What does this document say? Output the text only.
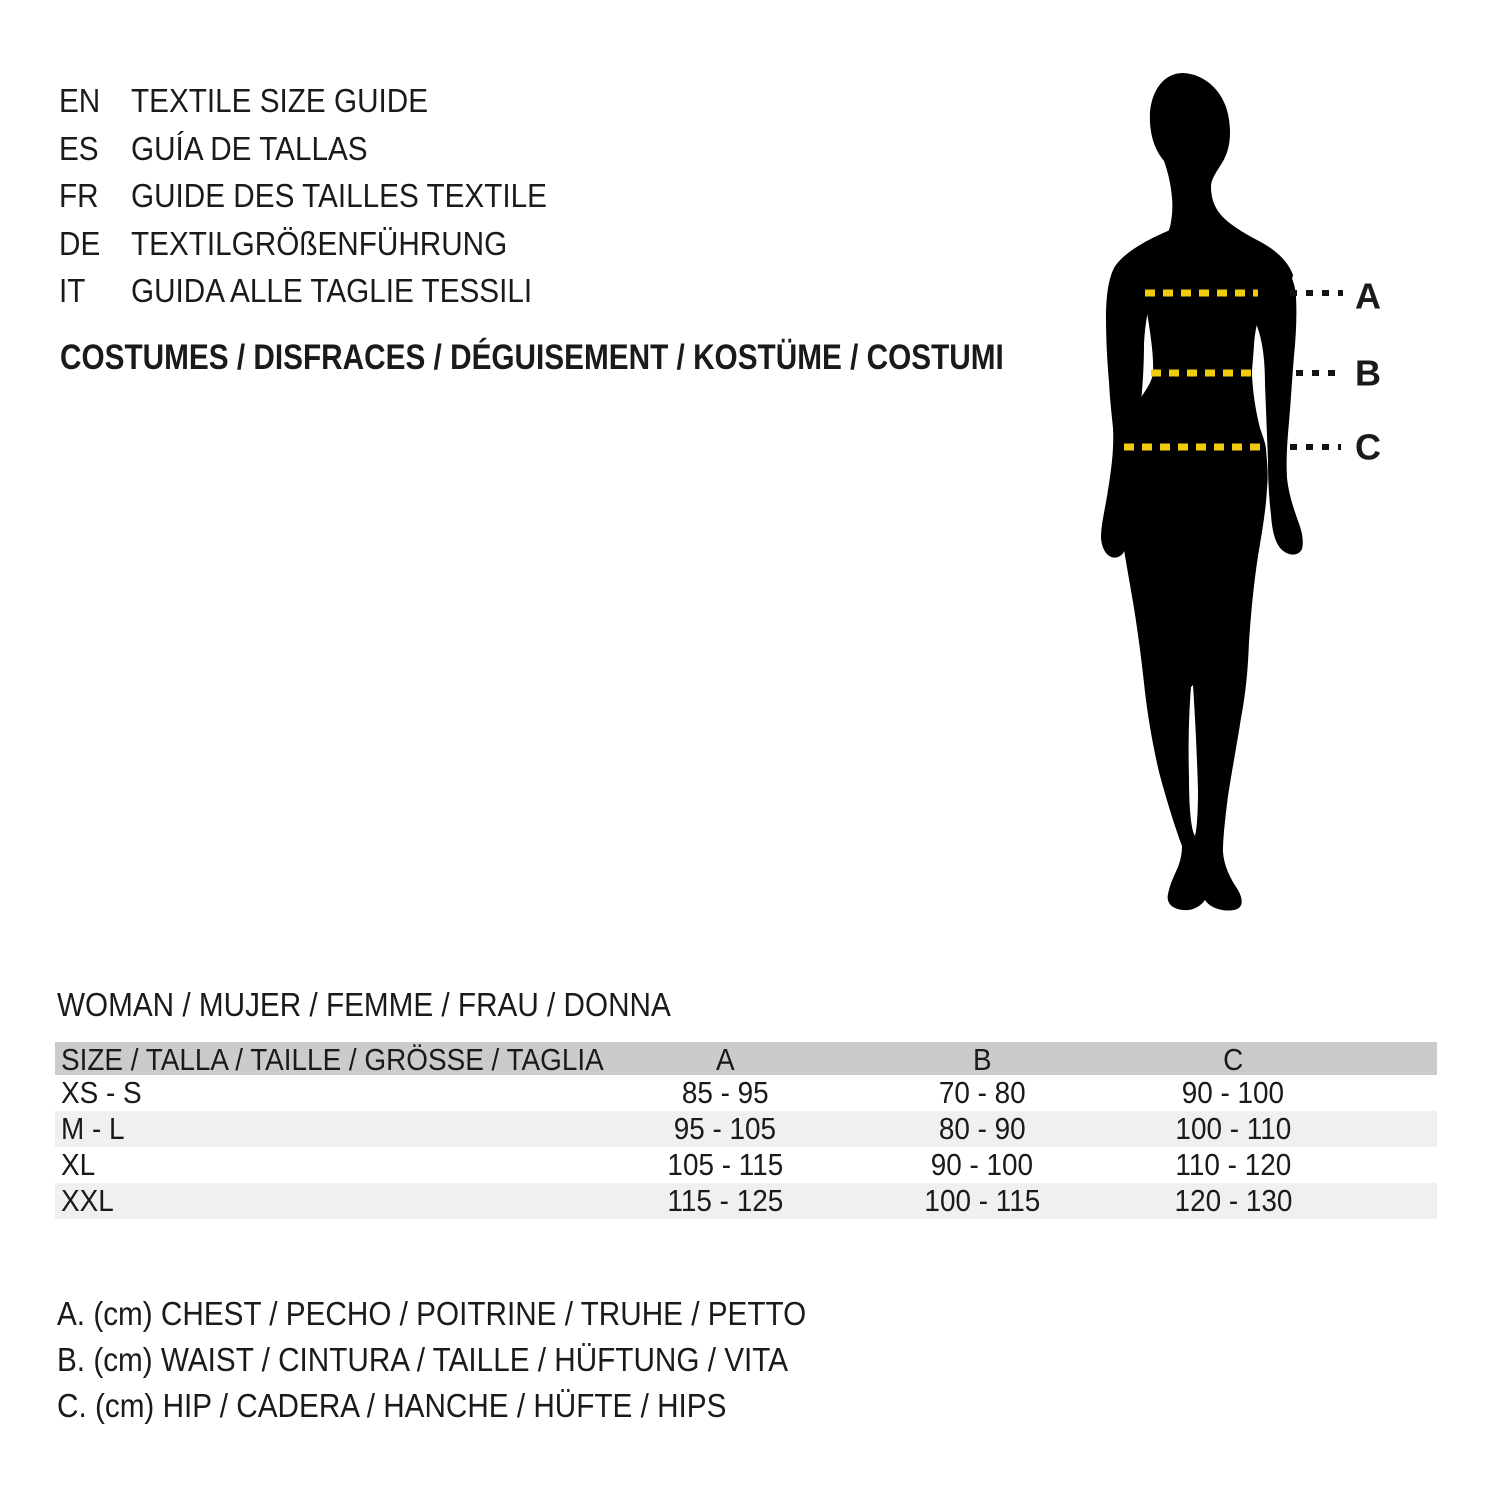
EN TEXTILE SIZE GUIDE
ES GUÍA DE TALLAS
FR GUIDE DES TAILLES TEXTILE
DE TEXTILGRÖßENFÜHRUNG
IT	GUIDA ALLE TAGLIE TESSILI
COSTUMES / DISFRACES / DÉGUISEMENT / KOSTÜME / COSTUMI
A
B
C
WOMAN / MUJER / FEMME / FRAU / DONNA
SIZE / TALLA / TAILLE / GRÖSSE / TAGLIA	A	B	C
XS - S	85 - 95	70 - 80	90 - 100
M - L	95 - 105	80 - 90	100 - 110
XL	105 - 115	90 - 100	110 - 120
XXL	115 - 125	100 - 115	120 - 130
A. (cm) CHEST / PECHO / POITRINE / TRUHE / PETTO
B. (cm) WAIST / CINTURA / TAILLE / HÜFTUNG / VITA
C. (cm) HIP / CADERA / HANCHE / HÜFTE / HIPS
